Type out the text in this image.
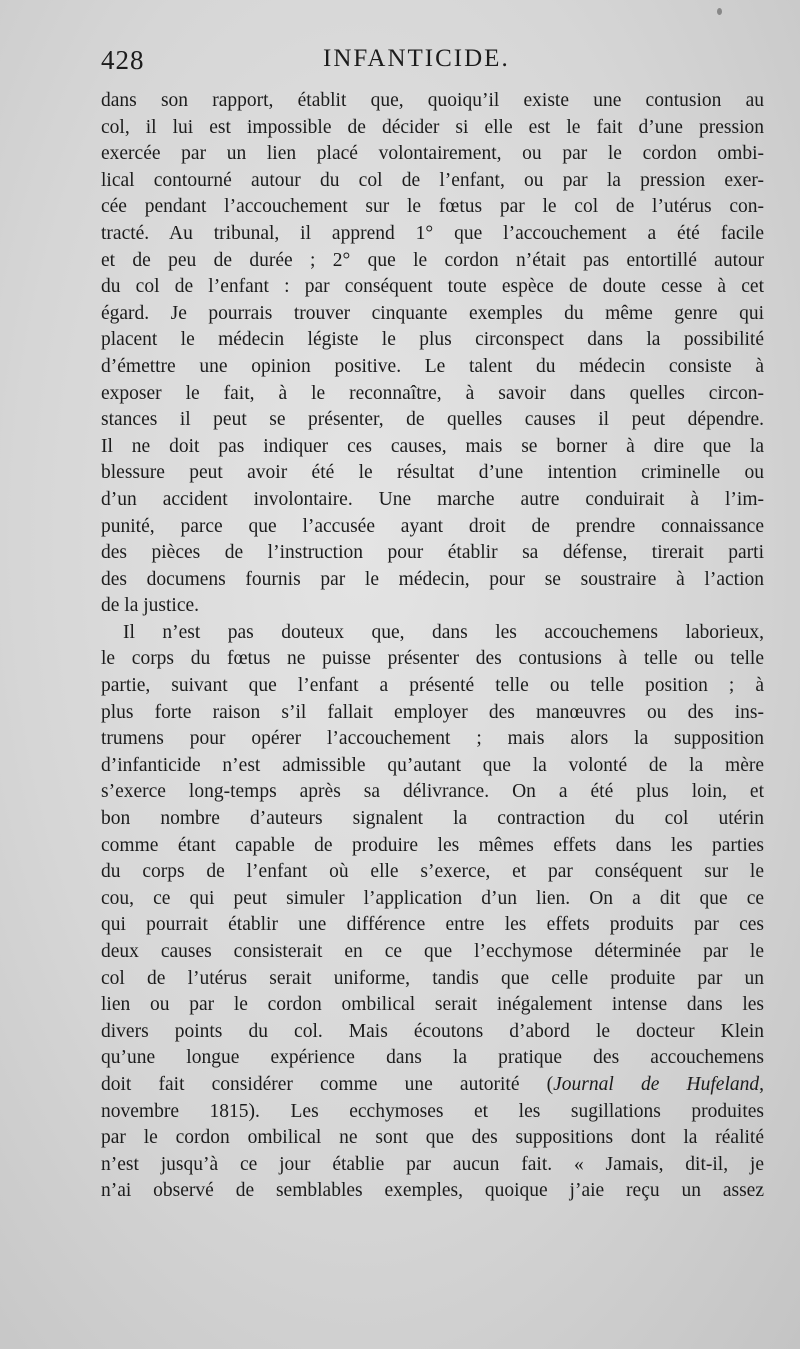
428	INFANTICIDE.
dans son rapport, établit que, quoiqu’il existe une contusion au
col, il lui est impossible de décider si elle est le fait d’une pression
exercée par un lien placé volontairement, ou par le cordon ombi-
lical contourné autour du col de l’enfant, ou par la pression exer-
cée pendant l’accouchement sur le fœtus par le col de l’utérus con-
tracté. Au tribunal, il apprend 1° que l’accouchement a été facile
et de peu de durée ; 2° que le cordon n’était pas entortillé autour
du col de l’enfant : par conséquent toute espèce de doute cesse à cet
égard. Je pourrais trouver cinquante exemples du même genre qui
placent le médecin légiste le plus circonspect dans la possibilité
d’émettre une opinion positive. Le talent du médecin consiste à
exposer le fait, à le reconnaître, à savoir dans quelles circon-
stances il peut se présenter, de quelles causes il peut dépendre.
Il ne doit pas indiquer ces causes, mais se borner à dire que la
blessure peut avoir été le résultat d’une intention criminelle ou
d’un accident involontaire. Une marche autre conduirait à l’im-
punité, parce que l’accusée ayant droit de prendre connaissance
des pièces de l’instruction pour établir sa défense, tirerait parti
des documens fournis par le médecin, pour se soustraire à l’action
de la justice.
Il n’est pas douteux que, dans les accouchemens laborieux,
le corps du fœtus ne puisse présenter des contusions à telle ou telle
partie, suivant que l’enfant a présenté telle ou telle position ; à
plus forte raison s’il fallait employer des manœuvres ou des ins-
trumens pour opérer l’accouchement ; mais alors la supposition
d’infanticide n’est admissible qu’autant que la volonté de la mère
s’exerce long-temps après sa délivrance. On a été plus loin, et
bon nombre d’auteurs signalent la contraction du col utérin
comme étant capable de produire les mêmes effets dans les parties
du corps de l’enfant où elle s’exerce, et par conséquent sur le
cou, ce qui peut simuler l’application d’un lien. On a dit que ce
qui pourrait établir une différence entre les effets produits par ces
deux causes consisterait en ce que l’ecchymose déterminée par le
col de l’utérus serait uniforme, tandis que celle produite par un
lien ou par le cordon ombilical serait inégalement intense dans les
divers points du col. Mais écoutons d’abord le docteur Klein
qu’une longue expérience dans la pratique des accouchemens
doit fait considérer comme une autorité (Journal de Hufeland,
novembre 1815). Les ecchymoses et les sugillations produites
par le cordon ombilical ne sont que des suppositions dont la réalité
n’est jusqu’à ce jour établie par aucun fait. « Jamais, dit-il, je
n’ai observé de semblables exemples, quoique j’aie reçu un assez
